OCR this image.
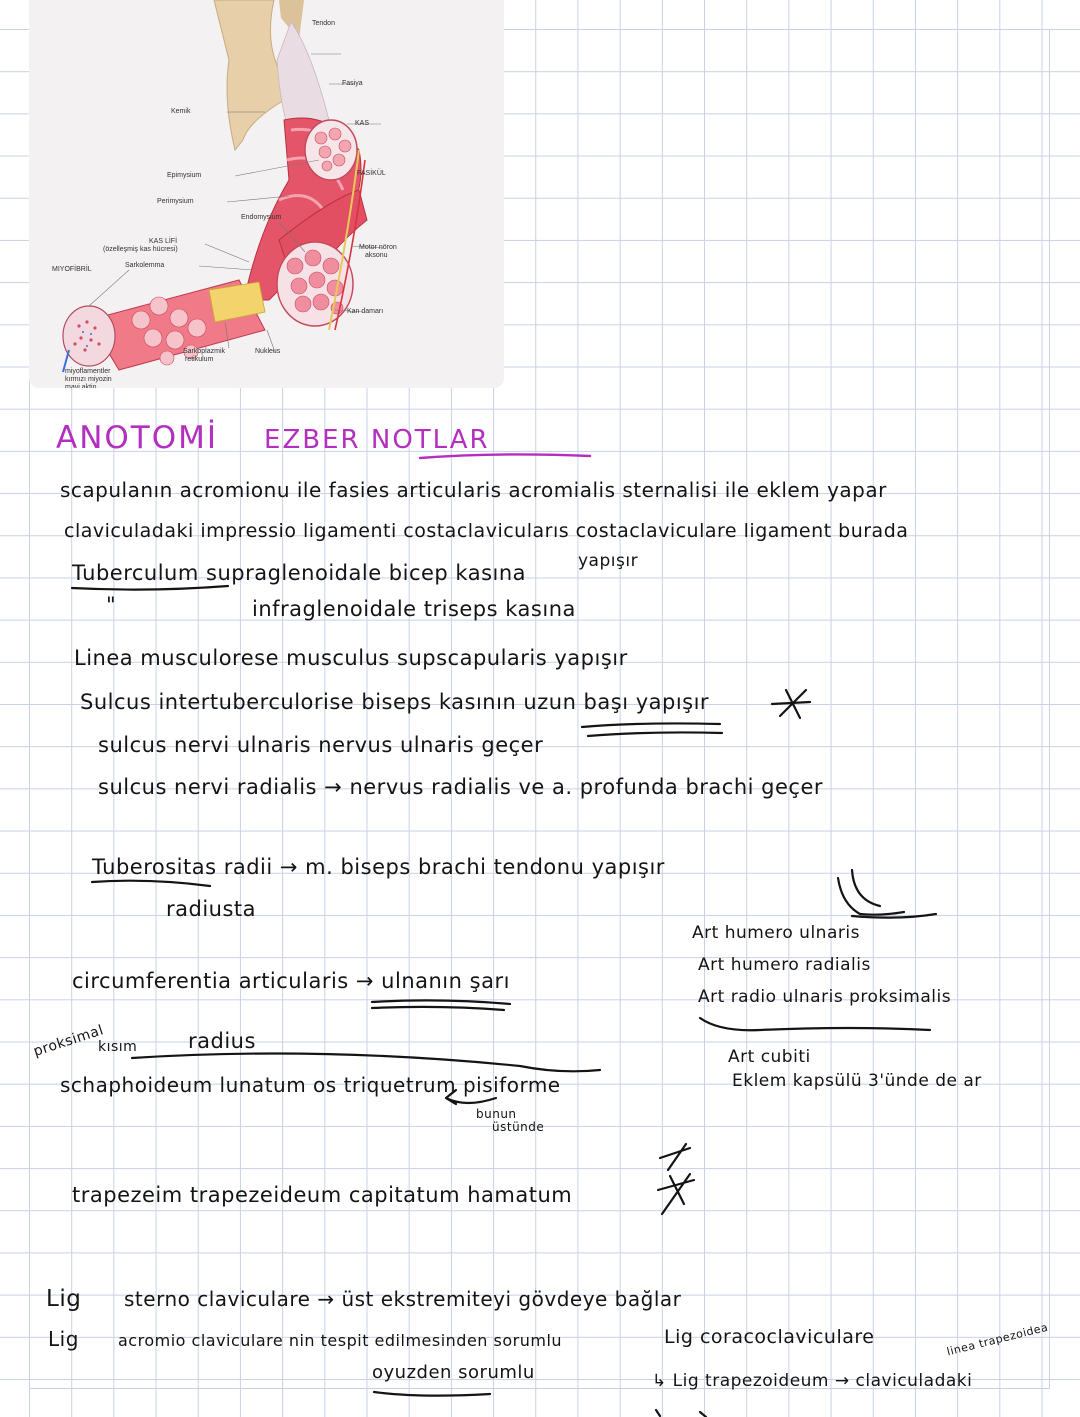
Tendon
Fasiya
Kemik
KAS
FASİKÜL
Epimysium
Perimysium
Endomysium
KAS LİFİ
(özelleşmiş kas hücresi)
Sarkolemma
MIYOFİBRİL
Motor nöron
aksonu
Kan damarı
Sarkoplazmik
retikulum
Nukleus
miyoflamentler
kırmızı miyozin
mavi aktin
ANOTOMİ EZBER NOTLAR
scapulanın acromionu ile fasies articularis acromialis sternalisi ile eklem yapar
claviculadaki impressio ligamenti costaclavicularıs costaclaviculare ligament burada
Tuberculum supraglenoidale bicep kasına	yapışır
"	infraglenoidale triseps kasına
Linea musculorese musculus supscapularis yapışır
Sulcus intertuberculorise biseps kasının uzun başı yapışır
sulcus nervi ulnaris nervus ulnaris geçer
sulcus nervi radialis → nervus radialis ve a. profunda brachi geçer
Tuberositas radii → m. biseps brachi tendonu yapışır
radiusta
circumferentia articularis → ulnanın şarı
Art humero ulnaris
Art humero radialis
Art radio ulnaris proksimalis
Art cubiti
Eklem kapsülü 3'ünde de ar
proksimal
kısım radius
schaphoideum lunatum os triquetrum pisiforme
bunun
üstünde
trapezeim trapezeideum capitatum hamatum
Lig sterno claviculare → üst ekstremiteyi gövdeye bağlar
Lig acromio claviculare nin tespit edilmesinden sorumlu	Lig coracoclaviculare
oyuzden sorumlu	↳ Lig trapezoideum → claviculadaki
linea trapezoidea
